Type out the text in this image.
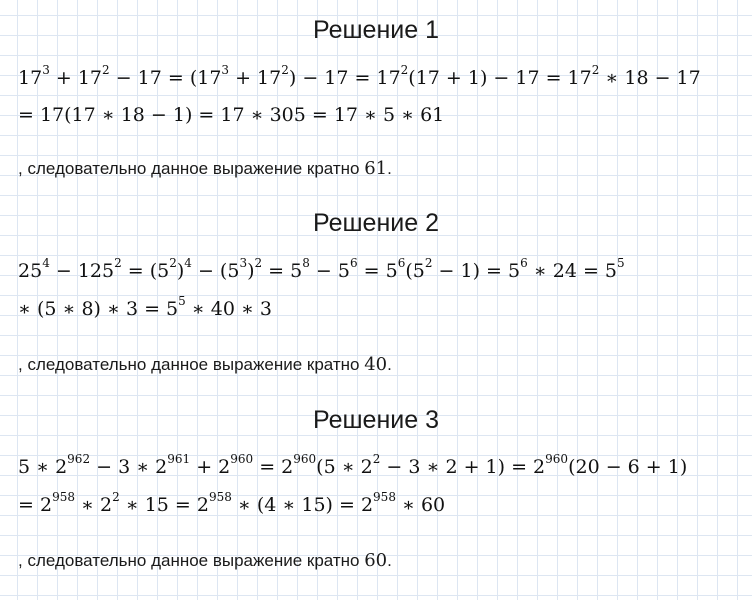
Решение 1
$17^3 + 17^2 - 17 = (17^3 + 17^2) - 17 = 17^2(17 + 1) - 17 = 17^2$ ∗ 18 − 17
= 17(17 ∗ 18 − 1) = 17 ∗ 305 = 17 ∗ 5 ∗ 61
, следовательно данное выражение кратно 61.
Решение 2
$25^4 - 125^2 = (5^2)^4 - (5^3)^2 = 5^8 - 5^6 = 5^6(5^2 - 1) = 5^6$ ∗ $24 = 5^5$
∗ (5 ∗ 8) ∗ $3 = 5^5$ ∗ 40 ∗ 3
, следовательно данное выражение кратно 40.
Решение 3
5 ∗ $2^{962} - 3$ ∗ $2^{961} + 2^{960} = 2^{960}(5$ ∗ $2^2 - 3$ ∗ $2 + 1) = 2^{960}(20 - 6 + 1)$
= $2^{958}$ ∗ $2^2$ ∗ $15 = 2^{958}$ ∗ (4 ∗ $15) = 2^{958}$ ∗ 60
, следовательно данное выражение кратно 60.
